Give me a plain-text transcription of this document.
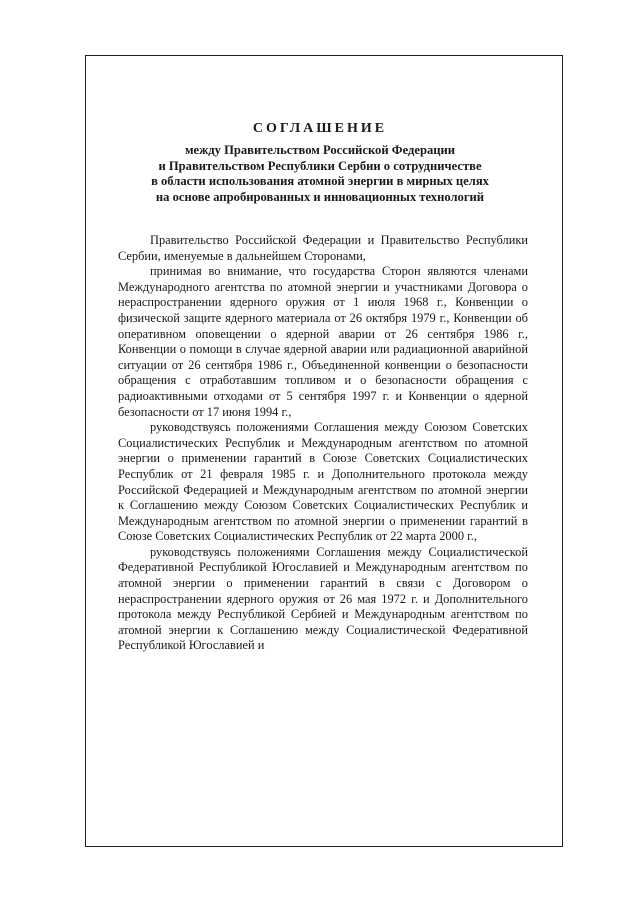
СОГЛАШЕНИЕ
между Правительством Российской Федерации
и Правительством Республики Сербии о сотрудничестве
в области использования атомной энергии в мирных целях
на основе апробированных и инновационных технологий

Правительство Российской Федерации и Правительство Республики Сербии, именуемые в дальнейшем Сторонами,

принимая во внимание, что государства Сторон являются членами Международного агентства по атомной энергии и участниками Договора о нераспространении ядерного оружия от 1 июля 1968 г., Конвенции о физической защите ядерного материала от 26 октября 1979 г., Конвенции об оперативном оповещении о ядерной аварии от 26 сентября 1986 г., Конвенции о помощи в случае ядерной аварии или радиационной аварийной ситуации от 26 сентября 1986 г., Объединенной конвенции о безопасности обращения с отработавшим топливом и о безопасности обращения с радиоактивными отходами от 5 сентября 1997 г. и Конвенции о ядерной безопасности от 17 июня 1994 г.,

руководствуясь положениями Соглашения между Союзом Советских Социалистических Республик и Международным агентством по атомной энергии о применении гарантий в Союзе Советских Социалистических Республик от 21 февраля 1985 г. и Дополнительного протокола между Российской Федерацией и Международным агентством по атомной энергии к Соглашению между Союзом Советских Социалистических Республик и Международным агентством по атомной энергии о применении гарантий в Союзе Советских Социалистических Республик от 22 марта 2000 г.,

руководствуясь положениями Соглашения между Социалистической Федеративной Республикой Югославией и Международным агентством по атомной энергии о применении гарантий в связи с Договором о нераспространении ядерного оружия от 26 мая 1972 г. и Дополнительного протокола между Республикой Сербией и Международным агентством по атомной энергии к Соглашению между Социалистической Федеративной Республикой Югославией и
